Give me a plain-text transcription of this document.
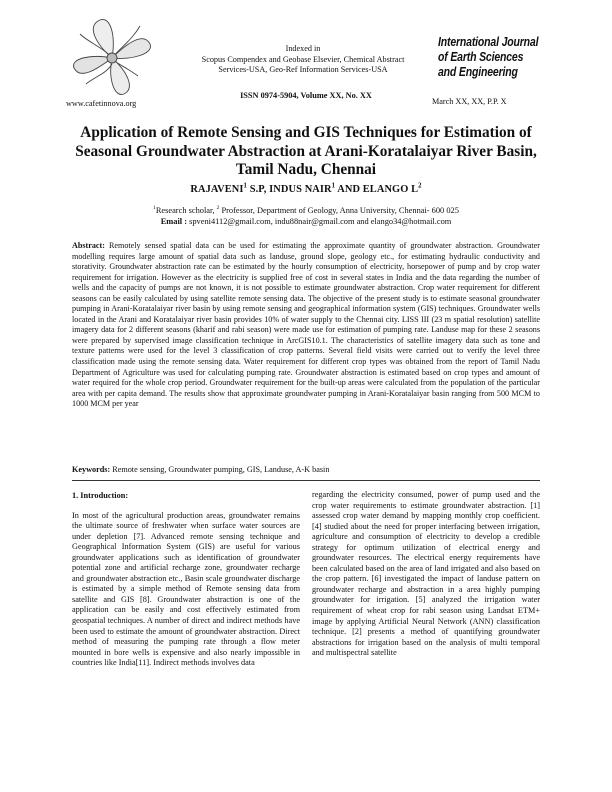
www.cafetinnova.org
Indexed in
Scopus Compendex and Geobase Elsevier, Chemical Abstract
Services-USA, Geo-Ref Information Services-USA
ISSN 0974-5904, Volume XX, No. XX
International Journal
of Earth Sciences
and Engineering
March XX, XX, P.P. X
Application of Remote Sensing and GIS Techniques for Estimation of Seasonal Groundwater Abstraction at Arani-Koratalaiyar River Basin, Tamil Nadu, Chennai
RAJAVENI$^1$ S.P, INDUS NAIR$^1$ AND ELANGO $L^2$
$^1$Research scholar, $^2$ Professor, Department of Geology, Anna University, Chennai- 600 025
Email : spveni4112@gmail.com, indu88nair@gmail.com and elango34@hotmail.com
Abstract: Remotely sensed spatial data can be used for estimating the approximate quantity of groundwater abstraction. Groundwater modelling requires large amount of spatial data such as landuse, ground slope, geology etc., for estimating hydraulic conductivity and storativity. Groundwater abstraction rate can be estimated by the hourly consumption of electricity, horsepower of pump and by crop water requirement for irrigation. However as the electricity is supplied free of cost in several states in India and the data regarding the number of wells and the capacity of pumps are not known, it is not possible to estimate groundwater abstraction. Crop water requirement for different seasons can be easily calculated by using satellite remote sensing data. The objective of the present study is to estimate seasonal groundwater pumping in Arani-Koratalaiyar river basin by using remote sensing and geographical information system (GIS) techniques. Groundwater wells located in the Arani and Koratalaiyar river basin provides 10% of water supply to the Chennai city. LISS III (23 m spatial resolution) satellite imagery data for 2 different seasons (kharif and rabi season) were made use for estimation of pumping rate. Landuse map for these 2 seasons were prepared by supervised image classification technique in ArcGIS10.1. The characteristics of satellite imagery data such as tone and texture patterns were used for the level 3 classification of crop patterns. Several field visits were carried out to verify the level three classification made using the remote sensing data. Water requirement for different crop types was obtained from the report of Tamil Nadu Department of Agriculture was used for calculating pumping rate. Groundwater abstraction is estimated based on crop types and amount of water required for the whole crop period. Groundwater requirement for the built-up areas were calculated from the population of the particular area with per capita demand. The results show that approximate groundwater pumping in Arani-Koratalaiyar basin ranging from 500 MCM to 1000 MCM per year
Keywords: Remote sensing, Groundwater pumping, GIS, Landuse, A-K basin
1. Introduction:

In most of the agricultural production areas, groundwater remains the ultimate source of freshwater when surface water sources are under depletion [7]. Advanced remote sensing technique and Geographical Information System (GIS) are useful for various groundwater applications such as identification of groundwater potential zone and artificial recharge zone, groundwater recharge and groundwater abstraction etc., Basin scale groundwater discharge is estimated by a simple method of Remote sensing data from satellite and GIS [8]. Groundwater abstraction is one of the application can be easily and cost effectively estimated from geospatial techniques. A number of direct and indirect methods have been used to estimate the amount of groundwater abstraction. Direct method of measuring the pumping rate through a flow meter mounted in bore wells is expensive and also nearly impossible in countries like India[11]. Indirect methods involves data

regarding the electricity consumed, power of pump used and the crop water requirements to estimate groundwater abstraction. [1] assessed crop water demand by mapping monthly crop coefficient. [4] studied about the need for proper interfacing between irrigation, agriculture and consumption of electricity to develop a credible strategy for optimum utilization of electrical energy and groundwater resources. The electrical energy requirements have been calculated based on the area of land irrigated and also based on the crop pattern. [6] investigated the impact of landuse pattern on groundwater recharge and abstraction in a area highly pumping groundwater for irrigation. [5] analyzed the irrigation water requirement of wheat crop for rabi season using Landsat ETM+ image by applying Artificial Neural Network (ANN) classification technique. [2] presents a method of quantifying groundwater abstractions for irrigation based on the analysis of multi temporal and multispectral satellite
